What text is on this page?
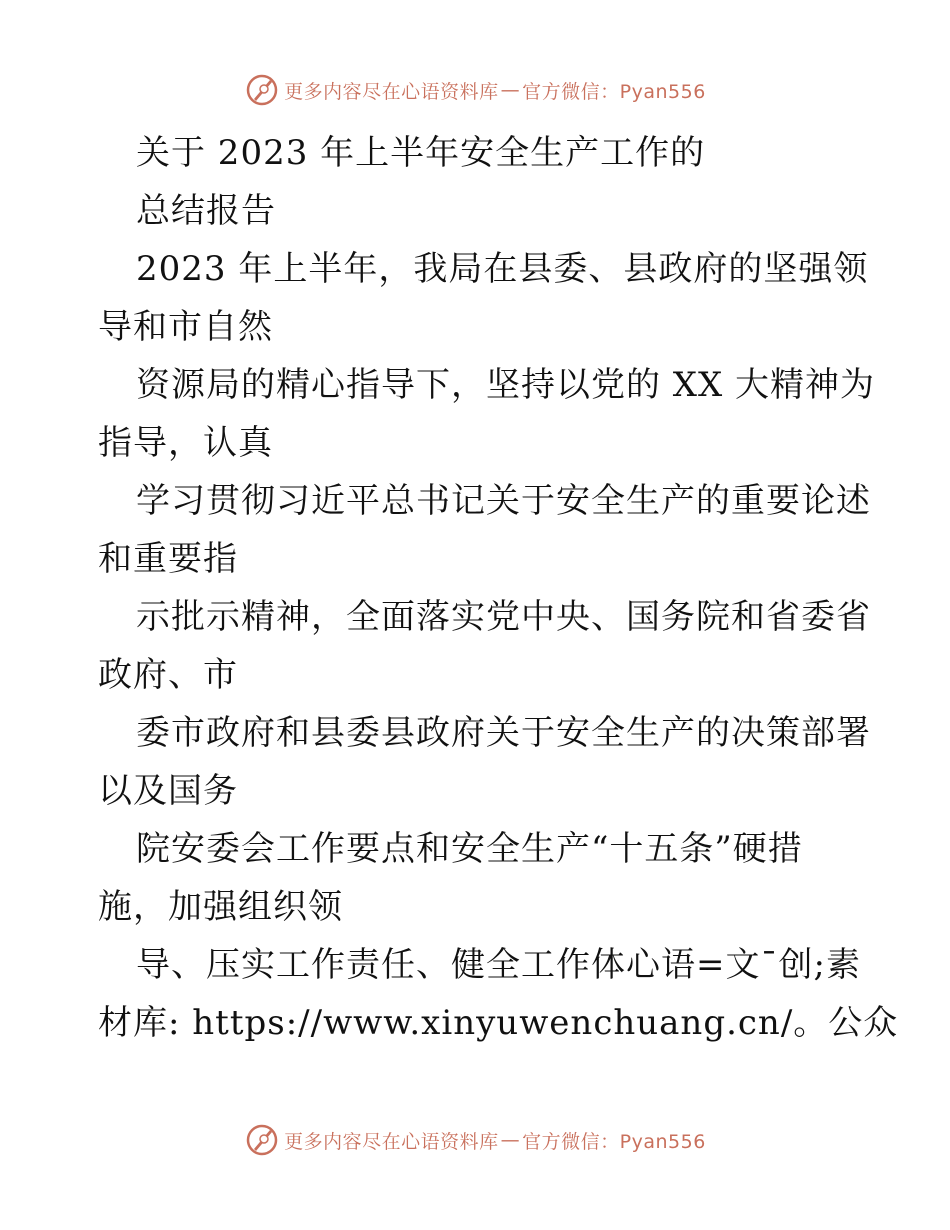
更多内容尽在心语资料库 — 官方微信：Pyan556
关于 2023 年上半年安全生产工作的
总结报告
2023 年上半年，我局在县委、县政府的坚强领
导和市自然
资源局的精心指导下，坚持以党的 XX 大精神为
指导，认真
学习贯彻习近平总书记关于安全生产的重要论述
和重要指
示批示精神，全面落实党中央、国务院和省委省
政府、市
委市政府和县委县政府关于安全生产的决策部署
以及国务
院安委会工作要点和安全生产“十五条”硬措
施，加强组织领
导、压实工作责任、健全工作体心语=文¯创;素
材库: https://www.xinyuwenchuang.cn/。公众
更多内容尽在心语资料库 — 官方微信：Pyan556
